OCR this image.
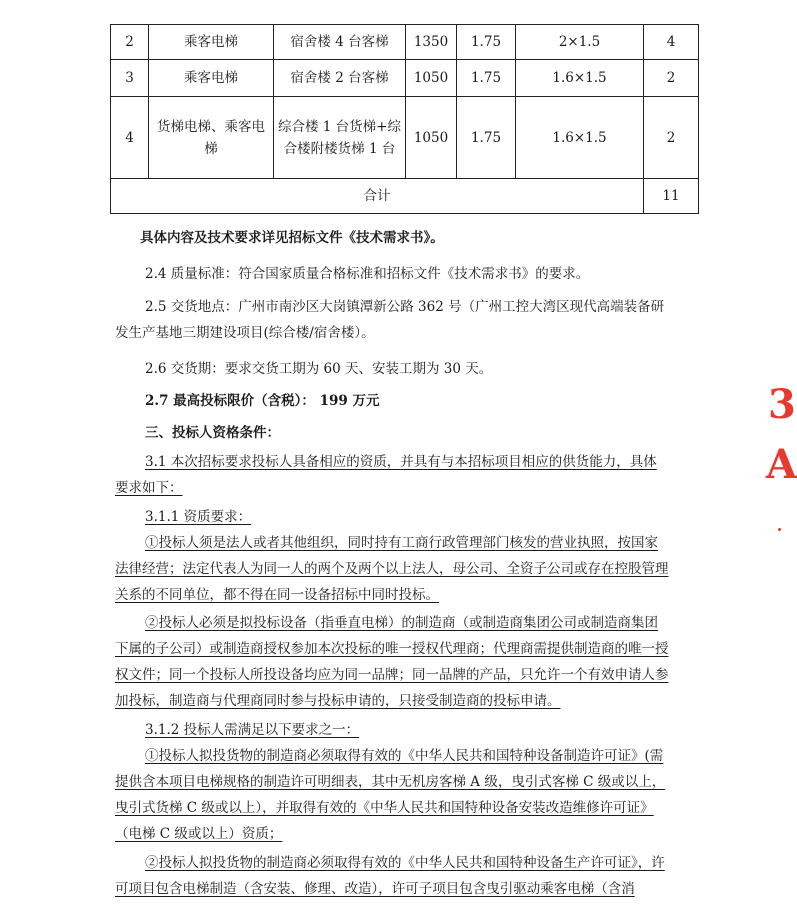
2	乘客电梯	宿舍楼 4 台客梯	1350	1.75	2×1.5	4
3	乘客电梯	宿舍楼 2 台客梯	1050	1.75	1.6×1.5	2
4	货梯电梯、乘客电梯	综合楼 1 台货梯+综合楼附楼货梯 1 台	1050	1.75	1.6×1.5	2
合计						11

具体内容及技术要求详见招标文件《技术需求书》。

2.4 质量标准：符合国家质量合格标准和招标文件《技术需求书》的要求。

2.5 交货地点：广州市南沙区大岗镇潭新公路 362 号（广州工控大湾区现代高端装备研发生产基地三期建设项目(综合楼/宿舍楼）。

2.6 交货期：要求交货工期为 60 天、安装工期为 30 天。

2.7 最高投标限价（含税）： 199 万元

三、投标人资格条件：

3.1 本次招标要求投标人具备相应的资质，并具有与本招标项目相应的供货能力，具体要求如下：

3.1.1 资质要求：

①投标人须是法人或者其他组织，同时持有工商行政管理部门核发的营业执照，按国家法律经营；法定代表人为同一人的两个及两个以上法人，母公司、全资子公司或存在控股管理关系的不同单位，都不得在同一设备招标中同时投标。

②投标人必须是拟投标设备（指垂直电梯）的制造商（或制造商集团公司或制造商集团下属的子公司）或制造商授权参加本次投标的唯一授权代理商；代理商需提供制造商的唯一授权文件；同一个投标人所投设备均应为同一品牌；同一品牌的产品，只允许一个有效申请人参加投标，制造商与代理商同时参与投标申请的，只接受制造商的投标申请。

3.1.2 投标人需满足以下要求之一：

①投标人拟投货物的制造商必须取得有效的《中华人民共和国特种设备制造许可证》(需提供含本项目电梯规格的制造许可明细表，其中无机房客梯 A 级，曳引式客梯 C 级或以上，曳引式货梯 C 级或以上），并取得有效的《中华人民共和国特种设备安装改造维修许可证》（电梯 C 级或以上）资质；

②投标人拟投货物的制造商必须取得有效的《中华人民共和国特种设备生产许可证》，许可项目包含电梯制造（含安装、修理、改造），许可子项目包含曳引驱动乘客电梯（含消

3
A
